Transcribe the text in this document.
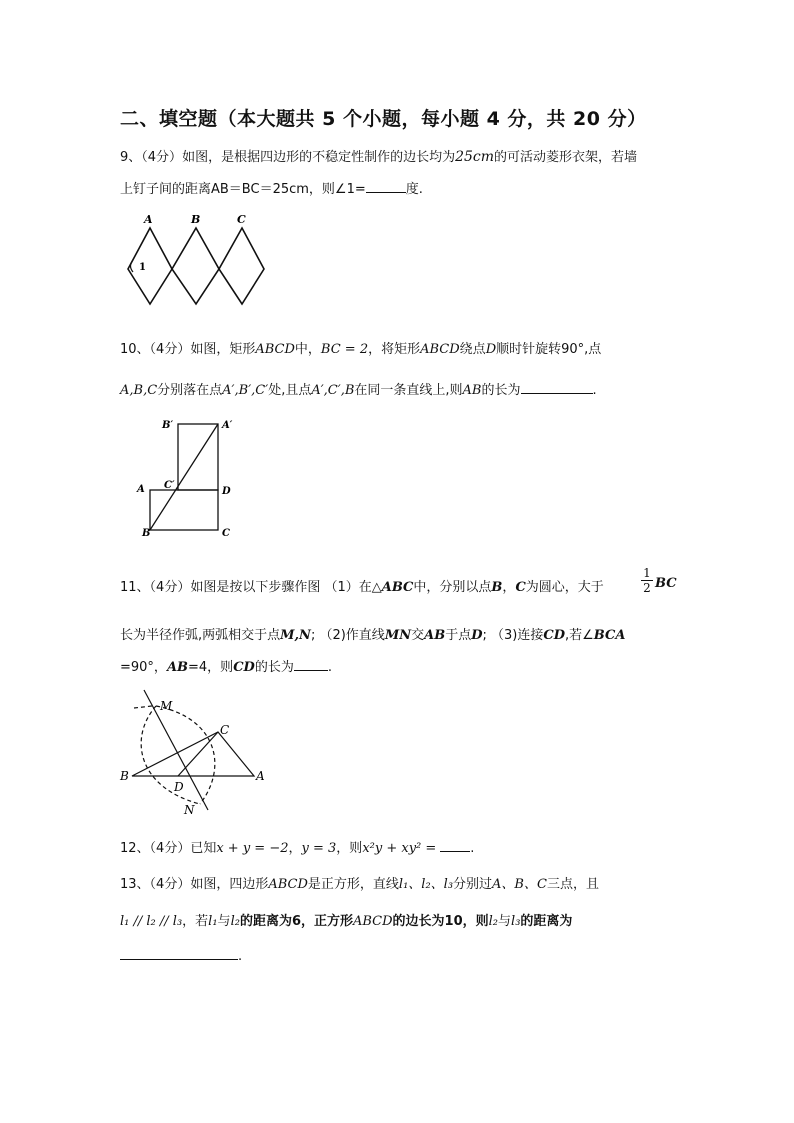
二、填空题（本大题共 5 个小题，每小题 4 分，共 20 分）
9、（4分）如图，是根据四边形的不稳定性制作的边长均为25cm的可活动菱形衣架，若墙
上钉子间的距离AB＝BC＝25cm，则∠1=	度.
A	B	C
1
10、（4分）如图，矩形ABCD中，BC = 2，将矩形ABCD绕点D顺时针旋转90°,点
A,B,C分别落在点A′,B′,C′处,且点A′,C′,B在同一条直线上,则AB的长为	.
B′	A′
A C′
D
B	C
11、（4分）如图是按以下步骤作图 （1）在△ABC中，分别以点B，C为圆心，大于	$\frac{1}{2}$ BC
长为半径作弧,两弧相交于点M,N; （2)作直线MN交AB于点D; （3)连接CD,若∠BCA
=90°，AB=4，则CD的长为	.
M
C
B
D
A
N
12、（4分）已知x + y = −2，y = 3，则x²y + xy² =	.
13、（4分）如图，四边形ABCD是正方形，直线l₁、l₂、l₃分别过A、B、C三点，且
l₁ // l₂ // l₃，若l₁与l₂的距离为6，正方形ABCD的边长为10，则l₂与l₃的距离为
.
